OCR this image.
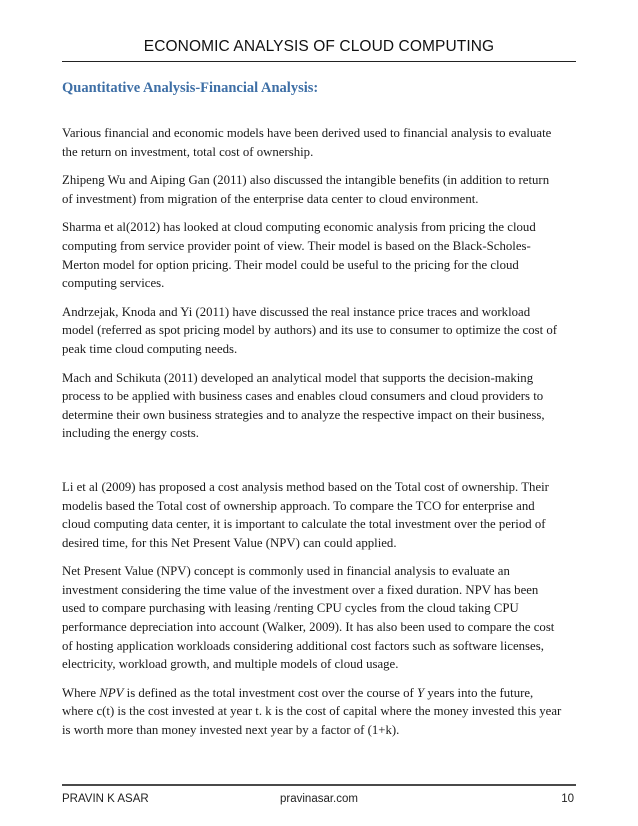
ECONOMIC ANALYSIS OF CLOUD COMPUTING
Quantitative Analysis-Financial Analysis:

Various financial and economic models have been derived used to financial analysis to evaluate the return on investment, total cost of ownership.

Zhipeng Wu and Aiping Gan (2011) also discussed the intangible benefits (in addition to return of investment) from migration of the enterprise data center to cloud environment.

Sharma et al(2012) has looked at cloud computing economic analysis from pricing the cloud computing from service provider point of view. Their model is based on the Black-Scholes-Merton model for option pricing. Their model could be useful to the pricing for the cloud computing services.

Andrzejak, Knoda and Yi (2011) have discussed the real instance price traces and workload model (referred as spot pricing model by authors) and its use to consumer to optimize the cost of peak time cloud computing needs.

Mach and Schikuta (2011) developed an analytical model that supports the decision-making process to be applied with business cases and enables cloud consumers and cloud providers to determine their own business strategies and to analyze the respective impact on their business, including the energy costs.

Li et al (2009) has proposed a cost analysis method based on the Total cost of ownership. Their modelis based the Total cost of ownership approach. To compare the TCO for enterprise and cloud computing data center, it is important to calculate the total investment over the period of desired time, for this Net Present Value (NPV) can could applied.

Net Present Value (NPV) concept is commonly used in financial analysis to evaluate an investment considering the time value of the investment over a fixed duration. NPV has been used to compare purchasing with leasing /renting CPU cycles from the cloud taking CPU performance depreciation into account (Walker, 2009). It has also been used to compare the cost of hosting application workloads considering additional cost factors such as software licenses, electricity, workload growth, and multiple models of cloud usage.

Where NPV is defined as the total investment cost over the course of Y years into the future, where c(t) is the cost invested at year t. k is the cost of capital where the money invested this year is worth more than money invested next year by a factor of (1+k).

PRAVIN K ASAR	pravinasar.com	10
